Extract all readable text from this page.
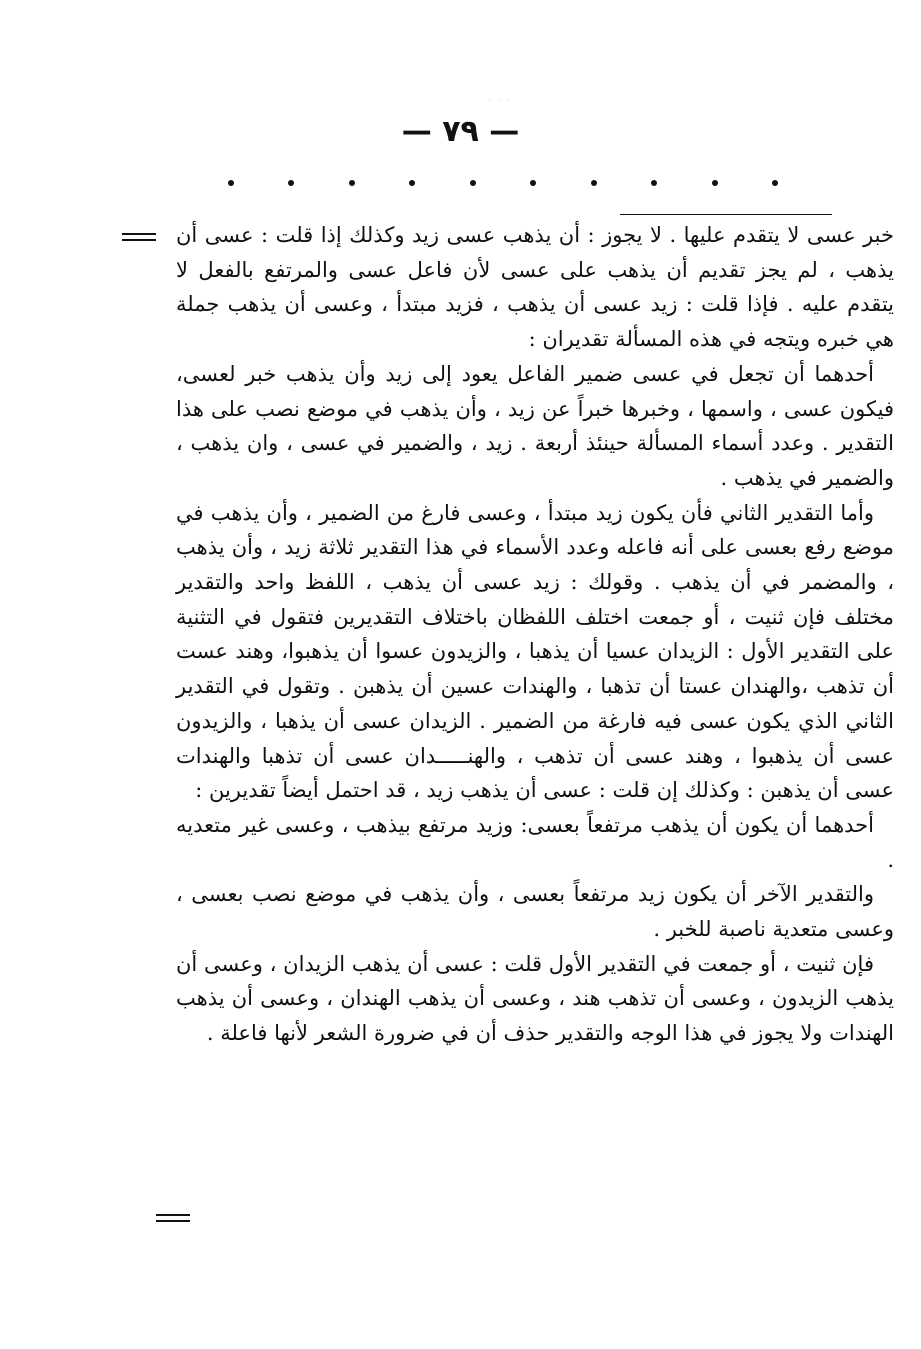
· · ·
— ٧٩ —

خبر عسى لا يتقدم عليها . لا يجوز : أن يذهب عسى زيد وكذلك إذا قلت : عسى أن يذهب ، لم يجز تقديم أن يذهب على عسى لأن فاعل عسى والمرتفع بالفعل لا يتقدم عليه . فإذا قلت : زيد عسى أن يذهب ، فزيد مبتدأ ، وعسى أن يذهب جملة هي خبره ويتجه في هذه المسألة تقديران :

أحدهما أن تجعل في عسى ضمير الفاعل يعود إلى زيد وأن يذهب خبر لعسى، فيكون عسى ، واسمها ، وخبرها خبراً عن زيد ، وأن يذهب في موضع نصب على هذا التقدير . وعدد أسماء المسألة حينئذ أربعة . زيد ، والضمير في عسى ، وان يذهب ، والضمير في يذهب .

وأما التقدير الثاني فأن يكون زيد مبتدأ ، وعسى فارغ من الضمير ، وأن يذهب في موضع رفع بعسى على أنه فاعله وعدد الأسماء في هذا التقدير ثلاثة زيد ، وأن يذهب ، والمضمر في أن يذهب . وقولك : زيد عسى أن يذهب ، اللفظ واحد والتقدير مختلف فإن ثنيت ، أو جمعت اختلف اللفظان باختلاف التقديرين فتقول في التثنية على التقدير الأول : الزيدان عسيا أن يذهبا ، والزيدون عسوا أن يذهبوا، وهند عست أن تذهب ،والهندان عستا أن تذهبا ، والهندات عسين أن يذهبن . وتقول في التقدير الثاني الذي يكون عسى فيه فارغة من الضمير . الزيدان عسى أن يذهبا ، والزيدون عسى أن يذهبوا ، وهند عسى أن تذهب ، والهنـــــدان عسى أن تذهبا والهندات عسى أن يذهبن : وكذلك إن قلت : عسى أن يذهب زيد ، قد احتمل أيضاً تقديرين :

أحدهما أن يكون أن يذهب مرتفعاً بعسى: وزيد مرتفع بيذهب ، وعسى غير متعديه .

والتقدير الآخر أن يكون زيد مرتفعاً بعسى ، وأن يذهب في موضع نصب بعسى ، وعسى متعدية ناصبة للخبر .

فإن ثنيت ، أو جمعت في التقدير الأول قلت : عسى أن يذهب الزيدان ، وعسى أن يذهب الزيدون ، وعسى أن تذهب هند ، وعسى أن يذهب الهندان ، وعسى أن يذهب الهندات ولا يجوز في هذا الوجه والتقدير حذف أن في ضرورة الشعر لأنها فاعلة .
